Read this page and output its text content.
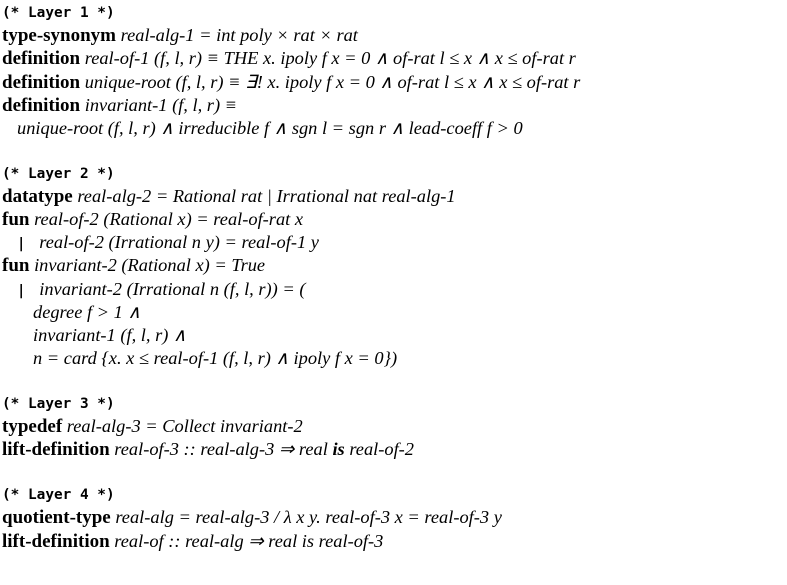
(* Layer 1 *)
type-synonym real-alg-1 = int poly × rat × rat
definition real-of-1 (f, l, r) ≡ THE x. ipoly f x = 0 ∧ of-rat l ≤ x ∧ x ≤ of-rat r
definition unique-root (f, l, r) ≡ ∃! x. ipoly f x = 0 ∧ of-rat l ≤ x ∧ x ≤ of-rat r
definition invariant-1 (f, l, r) ≡
unique-root (f, l, r) ∧ irreducible f ∧ sgn l = sgn r ∧ lead-coeff f > 0
(* Layer 2 *)
datatype real-alg-2 = Rational rat | Irrational nat real-alg-1
fun real-of-2 (Rational x) = real-of-rat x
|   real-of-2 (Irrational n y) = real-of-1 y
fun invariant-2 (Rational x) = True
|   invariant-2 (Irrational n (f, l, r)) = (
degree f > 1 ∧
invariant-1 (f, l, r) ∧
n = card {x. x ≤ real-of-1 (f, l, r) ∧ ipoly f x = 0})
(* Layer 3 *)
typedef real-alg-3 = Collect invariant-2
lift-definition real-of-3 :: real-alg-3 ⇒ real is real-of-2
(* Layer 4 *)
quotient-type real-alg = real-alg-3 / λ x y. real-of-3 x = real-of-3 y
lift-definition real-of :: real-alg ⇒ real is real-of-3
